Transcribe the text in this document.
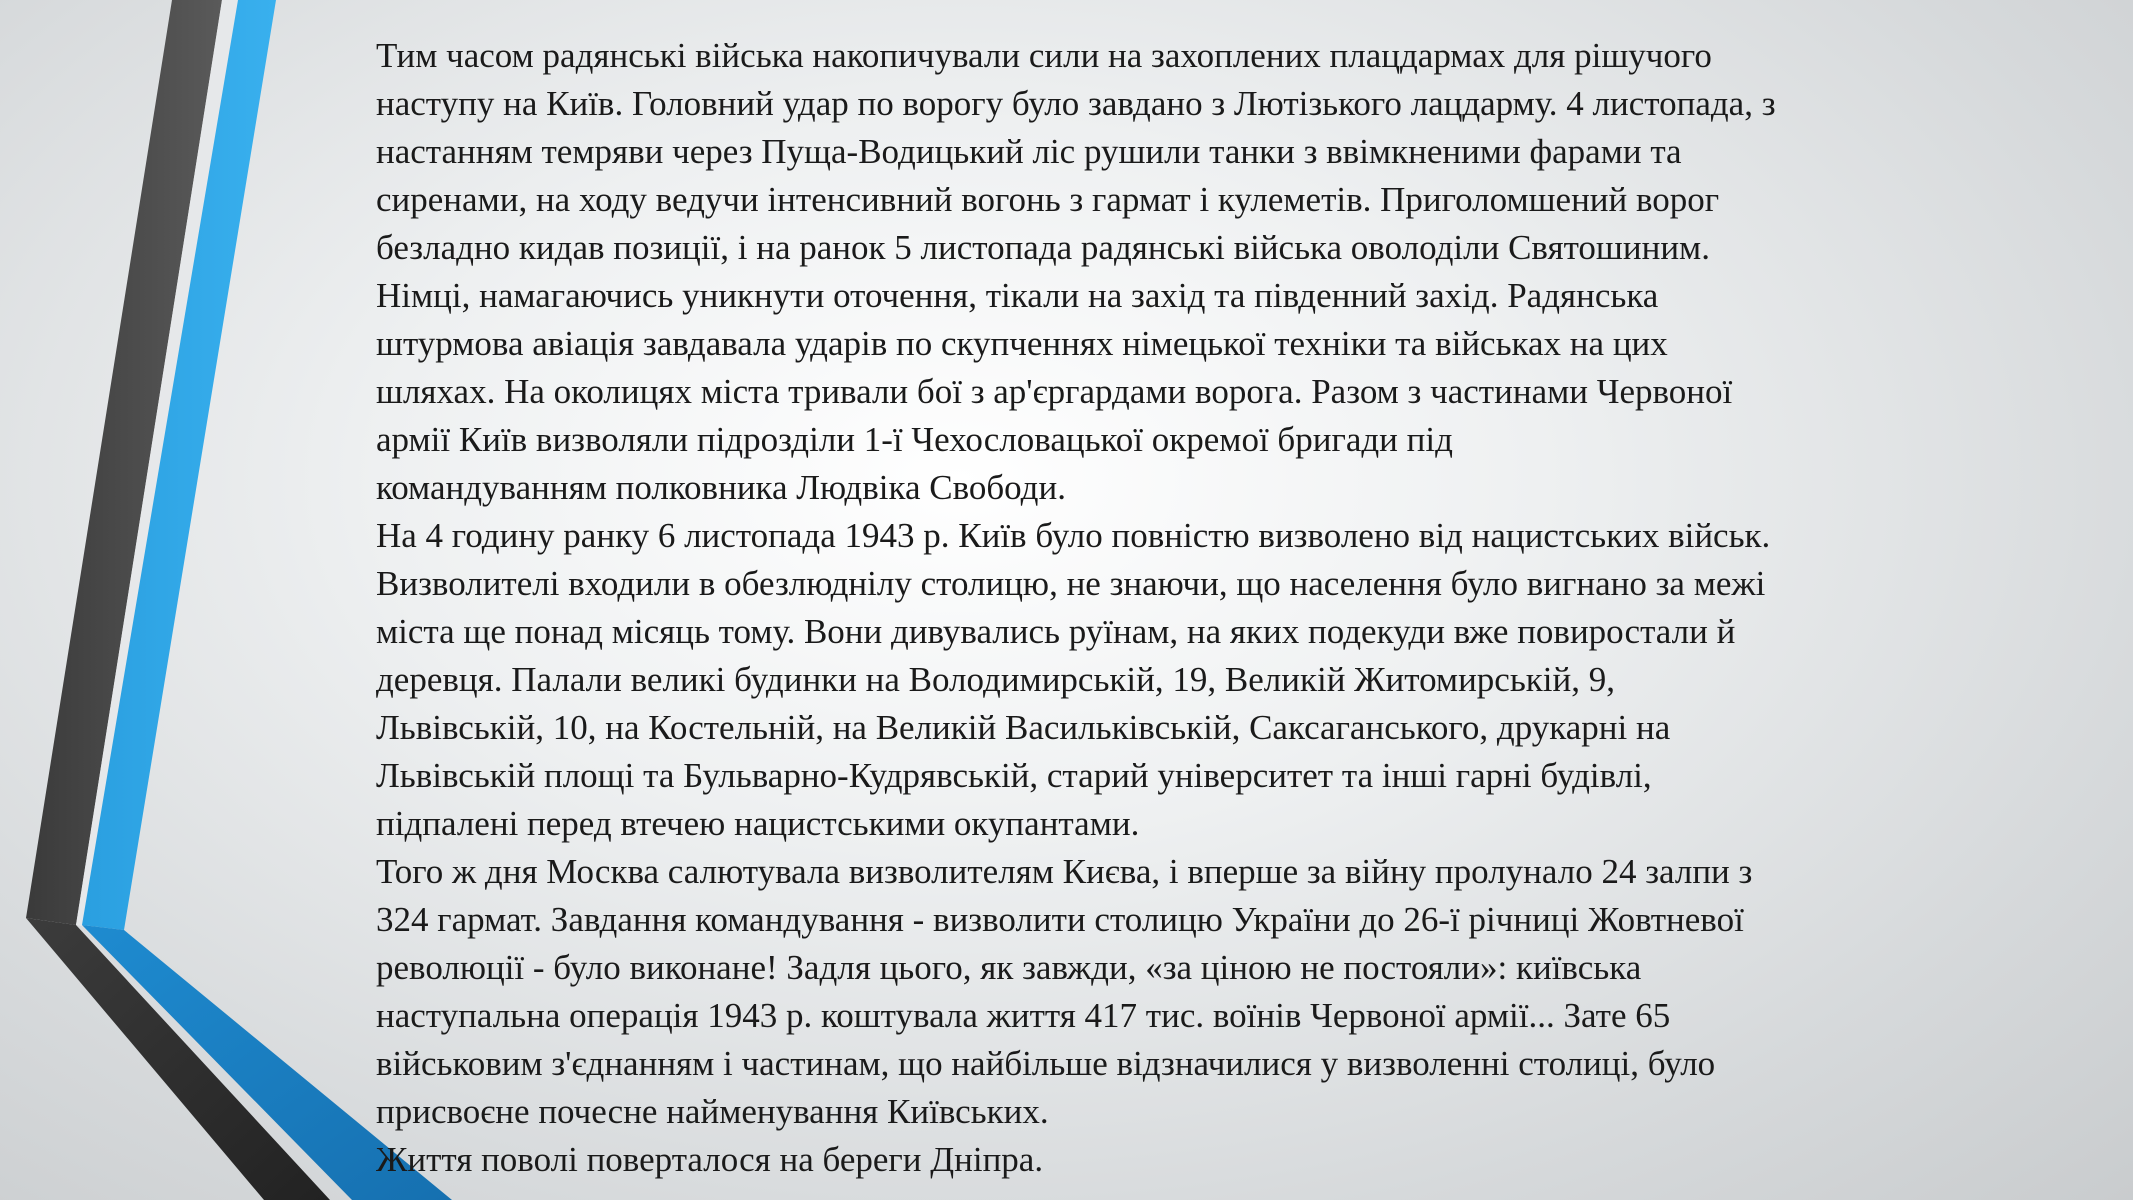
Тим часом радянські війська накопичували сили на захоплених плацдармах для рішучого
наступу на Київ. Головний удар по ворогу було завдано з Лютізького лацдарму. 4 листопада, з
настанням темряви через Пуща-Водицький ліс рушили танки з ввімкненими фарами та
сиренами, на ходу ведучи інтенсивний вогонь з гармат і кулеметів. Приголомшений ворог
безладно кидав позиції, і на ранок 5 листопада радянські війська оволоділи Святошиним.
Німці, намагаючись уникнути оточення, тікали на захід та південний захід. Радянська
штурмова авіація завдавала ударів по скупченнях німецької техніки та військах на цих
шляхах. На околицях міста тривали бої з ар'єргардами ворога. Разом з частинами Червоної
армії Київ визволяли підрозділи 1-ї Чехословацької окремої бригади під
командуванням полковника Людвіка Свободи.

На 4 годину ранку 6 листопада 1943 р. Київ було повністю визволено від нацистських військ.
Визволителі входили в обезлюднілу столицю, не знаючи, що населення було вигнано за межі
міста ще понад місяць тому. Вони дивувались руїнам, на яких подекуди вже повиростали й
деревця. Палали великі будинки на Володимирській, 19, Великій Житомирській, 9,
Львівській, 10, на Костельній, на Великій Васильківській, Саксаганського, друкарні на
Львівській площі та Бульварно-Кудрявській, старий університет та інші гарні будівлі,
підпалені перед втечею нацистськими окупантами.

Того ж дня Москва салютувала визволителям Києва, і вперше за війну пролунало 24 залпи з
324 гармат. Завдання командування - визволити столицю України до 26-ї річниці Жовтневої
революції - було виконане! Задля цього, як завжди, «за ціною не постояли»: київська
наступальна операція 1943 р. коштувала життя 417 тис. воїнів Червоної армії... Зате 65
військовим з'єднанням і частинам, що найбільше відзначилися у визволенні столиці, було
присвоєне почесне найменування Київських.

Життя поволі поверталося на береги Дніпра.
